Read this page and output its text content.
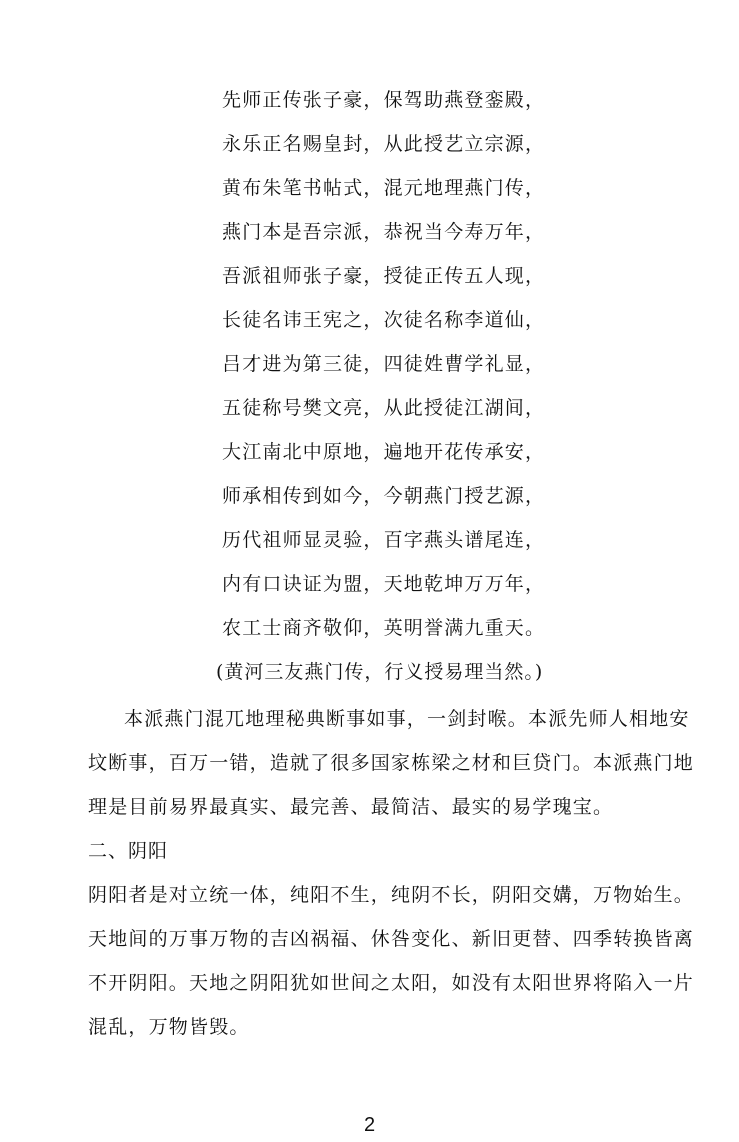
先师正传张子豪，保驾助燕登銮殿，
永乐正名赐皇封，从此授艺立宗源，
黄布朱笔书帖式，混元地理燕门传，
燕门本是吾宗派，恭祝当今寿万年，
吾派祖师张子豪，授徒正传五人现，
长徒名讳王宪之，次徒名称李道仙，
吕才进为第三徒，四徒姓曹学礼显，
五徒称号樊文亮，从此授徒江湖间，
大江南北中原地，遍地开花传承安，
师承相传到如今，今朝燕门授艺源，
历代祖师显灵验，百字燕头谱尾连，
内有口诀证为盟，天地乾坤万万年，
农工士商齐敬仰，英明誉满九重天。
(黄河三友燕门传，行义授易理当然。)
本派燕门混兀地理秘典断事如事，一剑封喉。本派先师人相地安
坟断事，百万一错，造就了很多国家栋梁之材和巨贷门。本派燕门地
理是目前易界最真实、最完善、最简洁、最实的易学瑰宝。
二、阴阳
阴阳者是对立统一体，纯阳不生，纯阴不长，阴阳交媾，万物始生。
天地间的万事万物的吉凶祸福、休咎变化、新旧更替、四季转换皆离
不开阴阳。天地之阴阳犹如世间之太阳，如没有太阳世界将陷入一片
混乱，万物皆毁。
2
